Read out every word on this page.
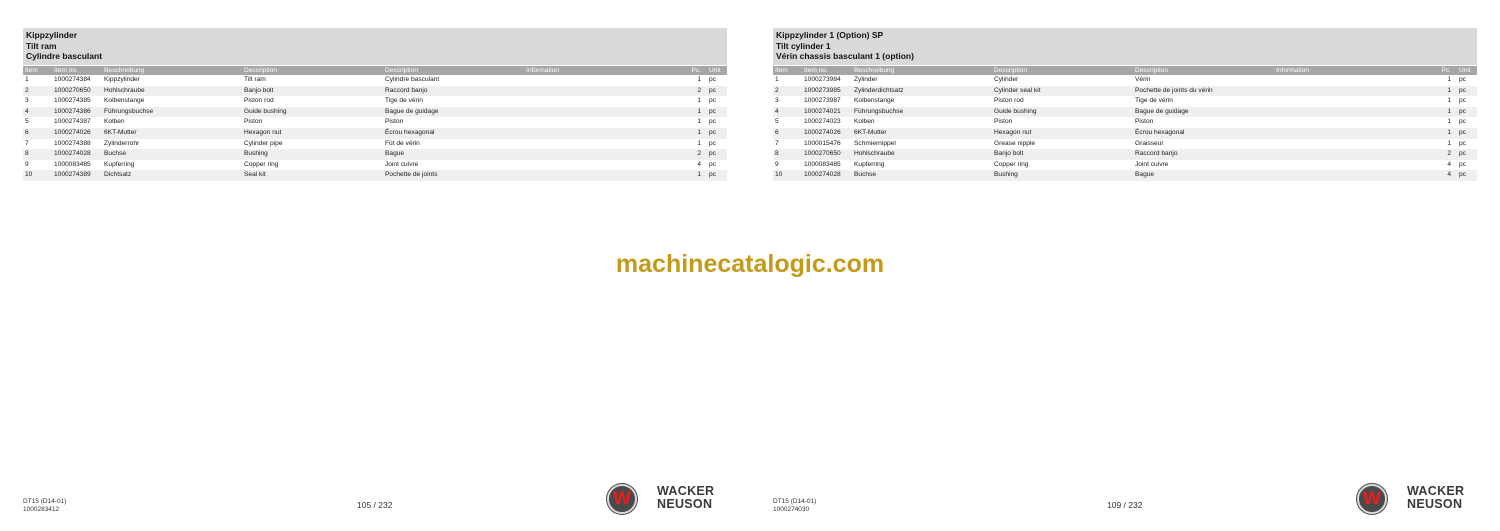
Kippzylinder
Tilt ram
Cylindre basculant
Item	Item no.	Beschreibung	Description	Description	Information	Pc.	Unit
1	1000274384	Kippzylinder	Tilt ram	Cylindre basculant		1	pc
2	1000270650	Hohlschraube	Banjo bolt	Raccord banjo		2	pc
3	1000274385	Kolbenstange	Piston rod	Tige de vérin		1	pc
4	1000274386	Führungsbuchse	Guide bushing	Bague de guidage		1	pc
5	1000274387	Kolben	Piston	Piston		1	pc
6	1000274026	6KT-Mutter	Hexagon nut	Écrou hexagonal		1	pc
7	1000274388	Zylinderrohr	Cylinder pipe	Fût de vérin		1	pc
8	1000274028	Buchse	Bushing	Bague		2	pc
9	1000083485	Kupferring	Copper ring	Joint cuivre		4	pc
10	1000274389	Dichtsatz	Seal kit	Pochette de joints		1	pc
DT15 (D14-01)
1000283412	105 / 232	W WACKER
NEUSON
Kippzylinder 1 (Option) SP
Tilt cylinder 1
Vérin chassis basculant 1 (option)
Item	Item no.	Beschreibung	Description	Description	Information	Pc.	Unit
1	1000273984	Zylinder	Cylinder	Vérin		1	pc
2	1000273985	Zylinderdichtsatz	Cylinder seal kit	Pochette de joints du vérin		1	pc
3	1000273987	Kolbenstange	Piston rod	Tige de vérin		1	pc
4	1000274021	Führungsbuchse	Guide bushing	Bague de guidage		1	pc
5	1000274023	Kolben	Piston	Piston		1	pc
6	1000274026	6KT-Mutter	Hexagon nut	Écrou hexagonal		1	pc
7	1000015476	Schmiernippel	Grease nipple	Graisseur		1	pc
8	1000270650	Hohlschraube	Banjo bolt	Raccord banjo		2	pc
9	1000083485	Kupferring	Copper ring	Joint cuivre		4	pc
10	1000274028	Buchse	Bushing	Bague		4	pc
DT15 (D14-01)
1000274030	109 / 232	W WACKER
NEUSON
machinecatalogic.com
